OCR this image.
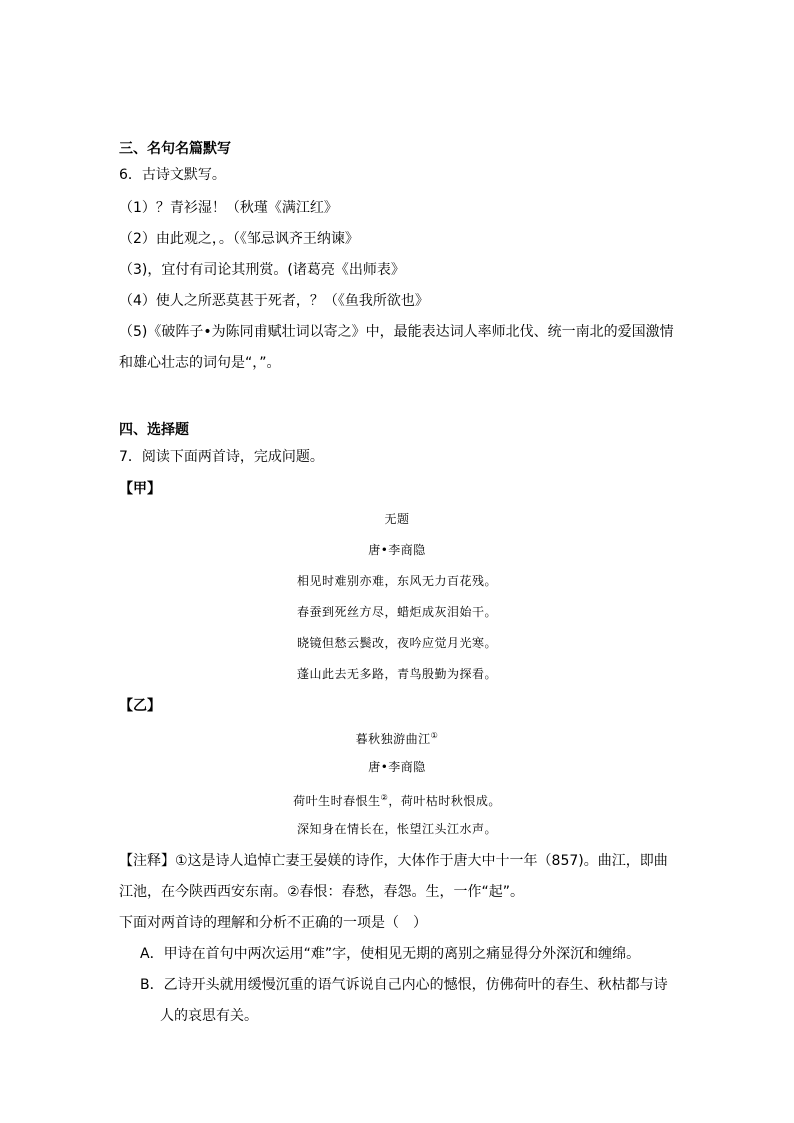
三、名句名篇默写
6．古诗文默写。
（1）？青衫湿！（秋瑾《满江红》
（2）由此观之，。（《邹忌讽齐王纳谏》
（3)，宜付有司论其刑赏。(诸葛亮《出师表》
（4）使人之所恶莫甚于死者，？（《鱼我所欲也》
（5)《破阵子•为陈同甫赋壮词以寄之》中，最能表达词人率师北伐、统一南北的爱国激情
和雄心壮志的词句是“，”。
四、选择题
7．阅读下面两首诗，完成问题。
【甲】
无题
唐•李商隐
相见时难别亦难，东风无力百花残。
春蚕到死丝方尽，蜡炬成灰泪始干。
晓镜但愁云鬓改，夜吟应觉月光寒。
蓬山此去无多路，青鸟殷勤为探看。
【乙】
暮秋独游曲江①
唐•李商隐
荷叶生时春恨生②，荷叶枯时秋恨成。
深知身在情长在，怅望江头江水声。
【注释】①这是诗人追悼亡妻王晏媄的诗作，大体作于唐大中十一年（857)。曲江，即曲
江池，在今陕西西安东南。②春恨：春愁，春怨。生，一作“起”。
下面对两首诗的理解和分析不正确的一项是（　）
A．甲诗在首句中两次运用“难”字，使相见无期的离别之痛显得分外深沉和缠绵。
B．乙诗开头就用缓慢沉重的语气诉说自己内心的憾恨，仿佛荷叶的春生、秋枯都与诗
人的哀思有关。
